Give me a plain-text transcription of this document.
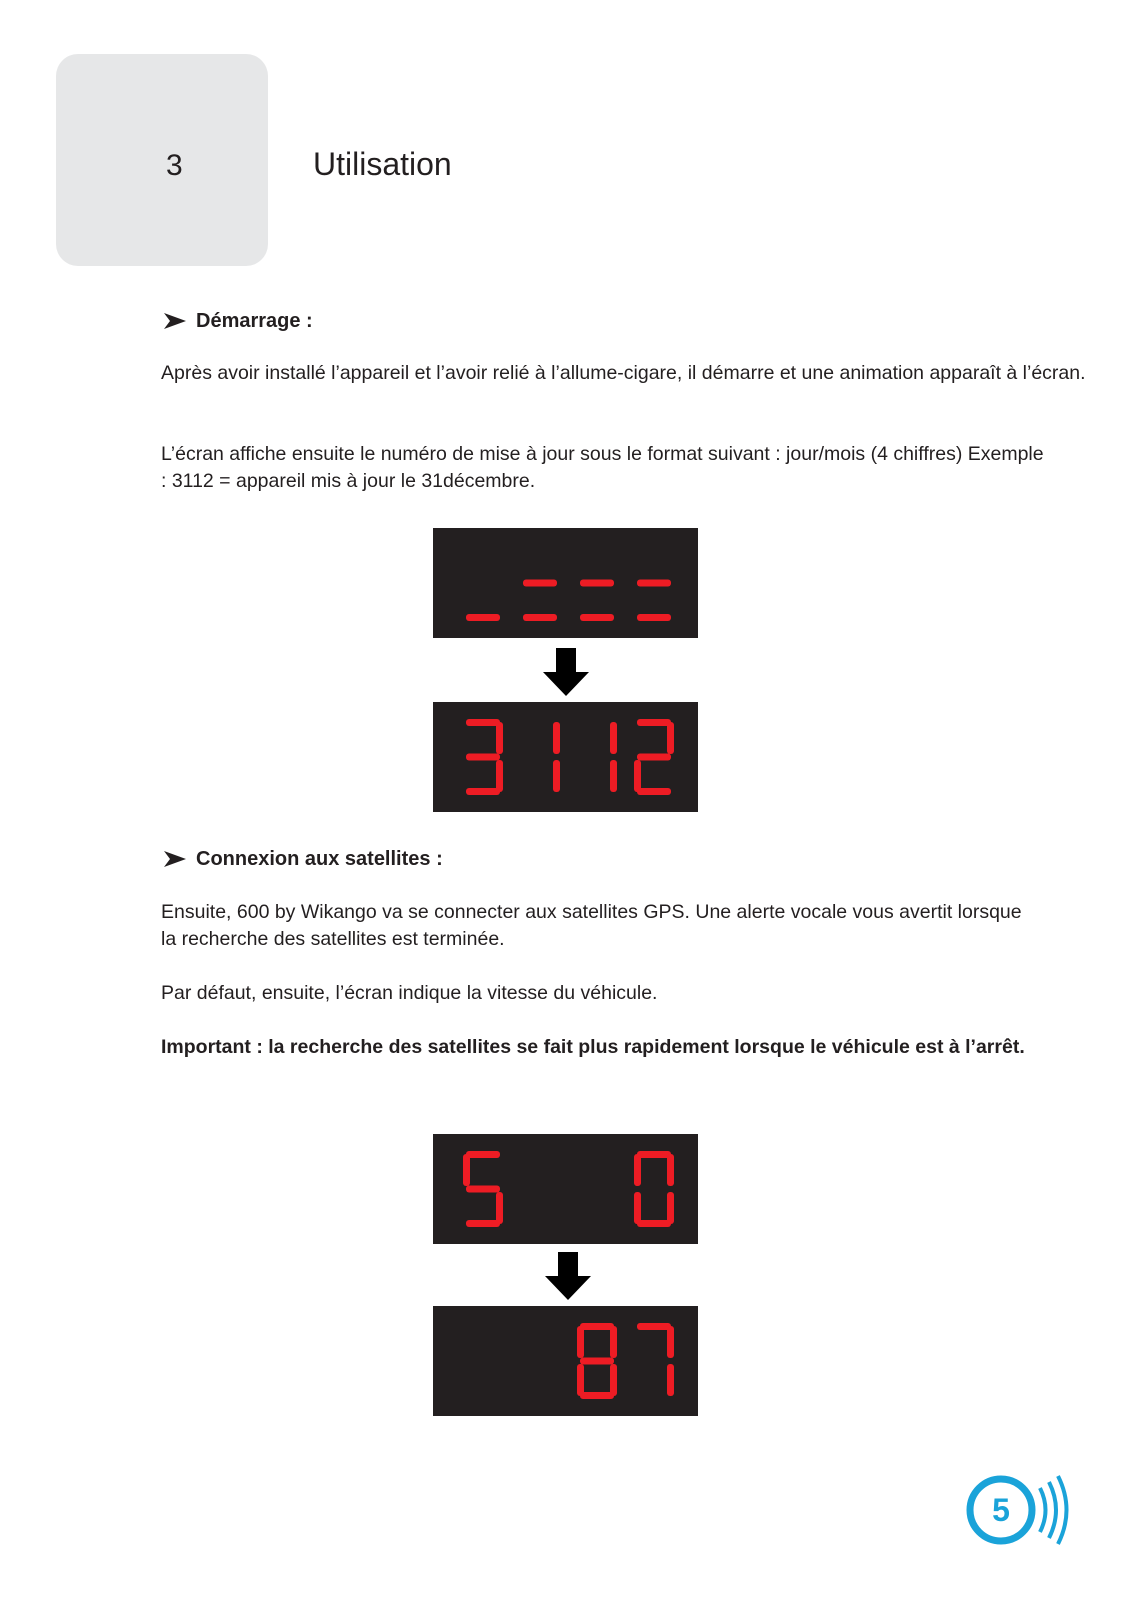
3	Utilisation
Démarrage :

Après avoir installé l’appareil et l’avoir relié à l’allume-cigare, il démarre et une animation apparaît à l’écran.

L’écran affiche ensuite le numéro de mise à jour sous le format suivant : jour/mois (4 chiffres) Exemple : 3112 = appareil mis à jour le 31décembre.

Connexion aux satellites :

Ensuite, 600 by Wikango va se connecter aux satellites GPS. Une alerte vocale vous avertit lorsque la recherche des satellites est terminée.

Par défaut, ensuite, l’écran indique la vitesse du véhicule.

Important : la recherche des satellites se fait plus rapidement lorsque le véhicule est à l’arrêt.

5
